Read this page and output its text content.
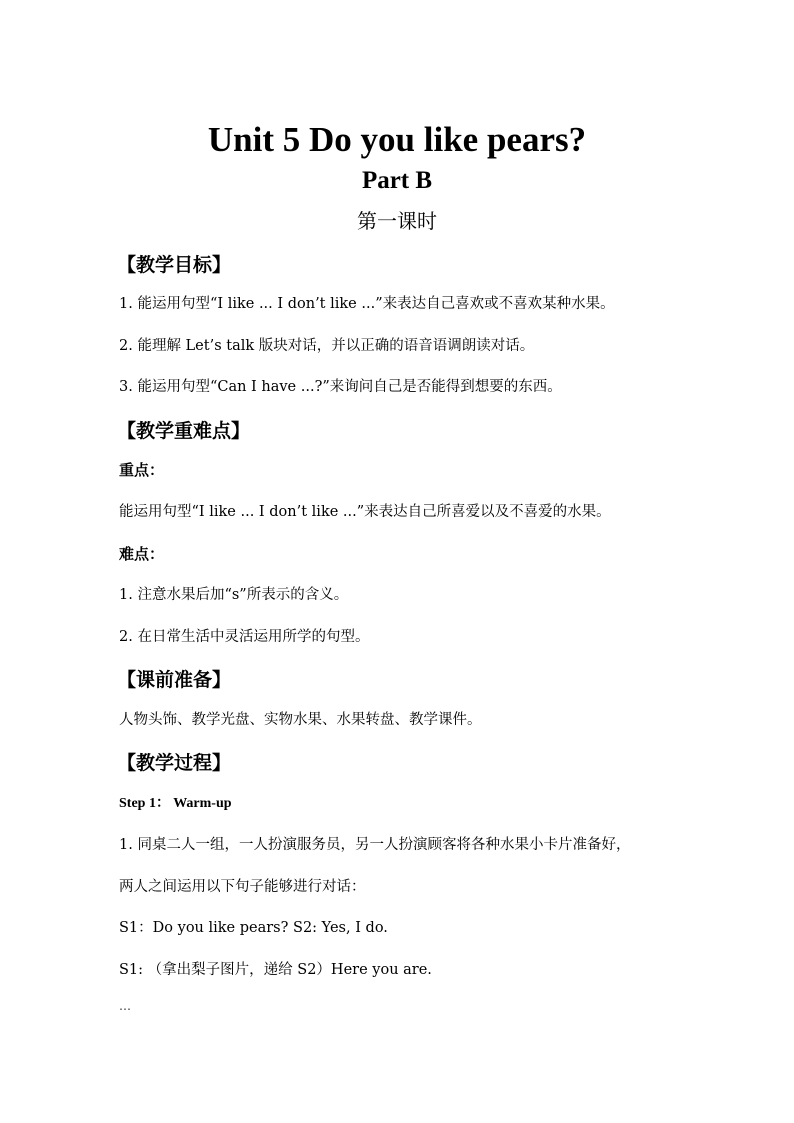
Unit 5 Do you like pears?
Part B
第一课时
【教学目标】
1. 能运用句型“I like ... I don’t like ...”来表达自己喜欢或不喜欢某种水果。
2. 能理解 Let’s talk 版块对话，并以正确的语音语调朗读对话。
3. 能运用句型“Can I have ...?”来询问自己是否能得到想要的东西。
【教学重难点】
重点：
能运用句型“I like ... I don’t like ...”来表达自己所喜爱以及不喜爱的水果。
难点：
1. 注意水果后加“s”所表示的含义。
2. 在日常生活中灵活运用所学的句型。
【课前准备】
人物头饰、教学光盘、实物水果、水果转盘、教学课件。
【教学过程】
Step 1： Warm-up
1. 同桌二人一组，一人扮演服务员，另一人扮演顾客将各种水果小卡片准备好，
两人之间运用以下句子能够进行对话：
S1：Do you like pears? S2: Yes, I do.
S1: （拿出梨子图片，递给 S2）Here you are.
…
